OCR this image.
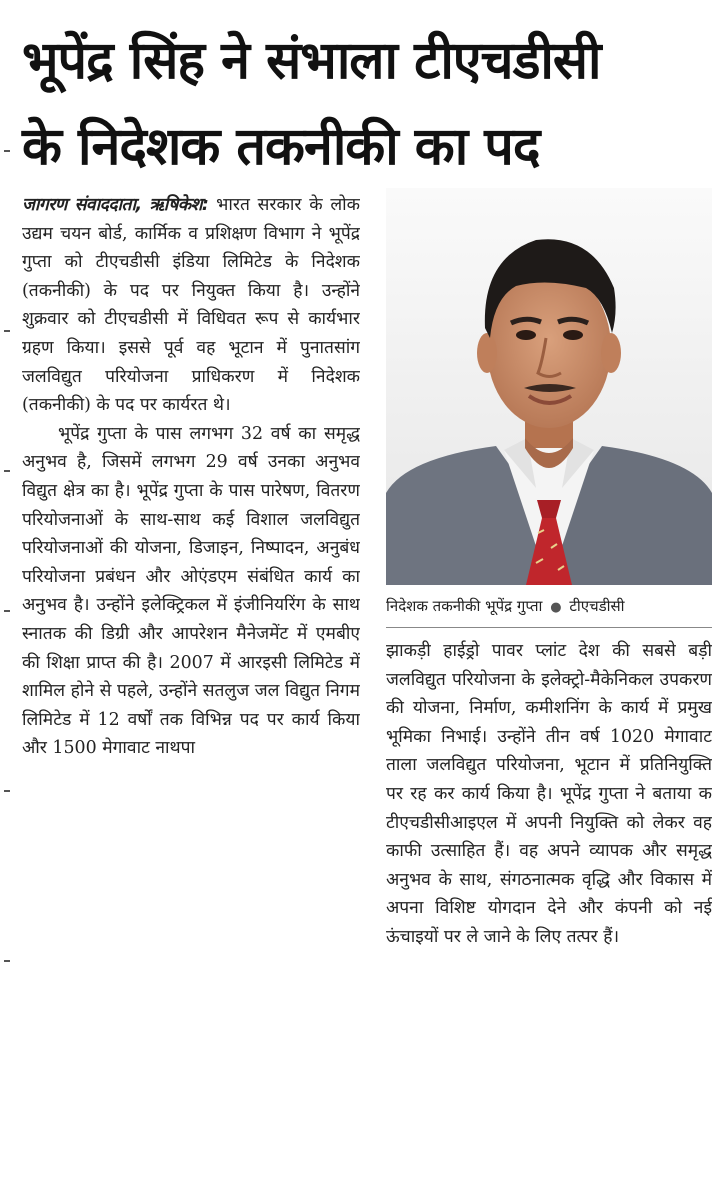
भूपेंद्र सिंह ने संभाला टीएचडीसी
के निदेशक तकनीकी का पद

जागरण संवाददाता, ऋषिकेश: भारत सरकार के लोक उद्यम चयन बोर्ड, कार्मिक व प्रशिक्षण विभाग ने भूपेंद्र गुप्ता को टीएचडीसी इंडिया लिमिटेड के निदेशक (तकनीकी) के पद पर नियुक्त किया है। उन्होंने शुक्रवार को टीएचडीसी में विधिवत रूप से कार्यभार ग्रहण किया। इससे पूर्व वह भूटान में पुनातसांग जलविद्युत परियोजना प्राधिकरण में निदेशक (तकनीकी) के पद पर कार्यरत थे।

भूपेंद्र गुप्ता के पास लगभग 32 वर्ष का समृद्ध अनुभव है, जिसमें लगभग 29 वर्ष उनका अनुभव विद्युत क्षेत्र का है। भूपेंद्र गुप्ता के पास पारेषण, वितरण परियोजनाओं के साथ-साथ कई विशाल जलविद्युत परियोजनाओं की योजना, डिजाइन, निष्पादन, अनुबंध परियोजना प्रबंधन और ओएंडएम संबंधित कार्य का अनुभव है। उन्होंने इलेक्ट्रिकल में इंजीनियरिंग के साथ स्नातक की डिग्री और आपरेशन मैनेजमेंट में एमबीए की शिक्षा प्राप्त की है। 2007 में आरइसी लिमिटेड में शामिल होने से पहले, उन्होंने सतलुज जल विद्युत निगम लिमिटेड में 12 वर्षों तक विभिन्न पद पर कार्य किया और 1500 मेगावाट नाथपा

निदेशक तकनीकी भूपेंद्र गुप्ता ● टीएचडीसी

झाकड़ी हाईड्रो पावर प्लांट देश की सबसे बड़ी जलविद्युत परियोजना के इलेक्ट्रो-मैकेनिकल उपकरण की योजना, निर्माण, कमीशनिंग के कार्य में प्रमुख भूमिका निभाई। उन्होंने तीन वर्ष 1020 मेगावाट ताला जलविद्युत परियोजना, भूटान में प्रतिनियुक्ति पर रह कर कार्य किया है। भूपेंद्र गुप्ता ने बताया क टीएचडीसीआइएल में अपनी नियुक्ति को लेकर वह काफी उत्साहित हैं। वह अपने व्यापक और समृद्ध अनुभव के साथ, संगठनात्मक वृद्धि और विकास में अपना विशिष्ट योगदान देने और कंपनी को नई ऊंचाइयों पर ले जाने के लिए तत्पर हैं।
